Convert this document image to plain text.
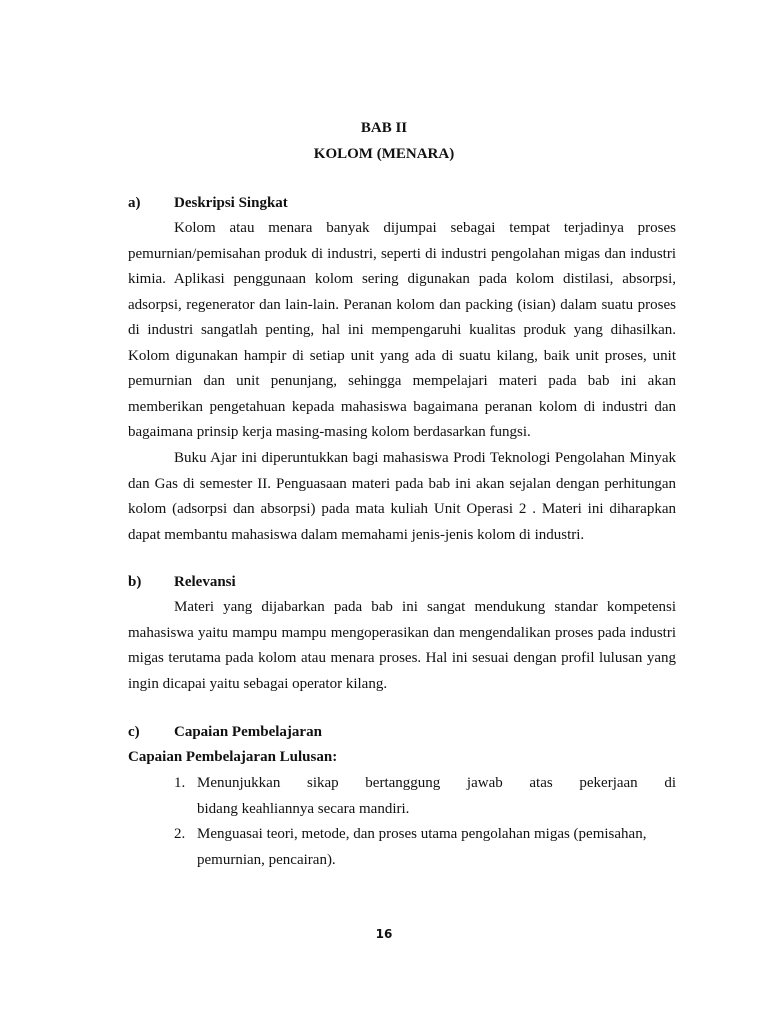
BAB II
KOLOM (MENARA)
a) Deskripsi Singkat

Kolom atau menara banyak dijumpai sebagai tempat terjadinya proses pemurnian/pemisahan produk di industri, seperti di industri pengolahan migas dan industri kimia. Aplikasi penggunaan kolom sering digunakan pada kolom distilasi, absorpsi, adsorpsi, regenerator dan lain-lain. Peranan kolom dan packing (isian) dalam suatu proses di industri sangatlah penting, hal ini mempengaruhi kualitas produk yang dihasilkan. Kolom digunakan hampir di setiap unit yang ada di suatu kilang, baik unit proses, unit pemurnian dan unit penunjang, sehingga mempelajari materi pada bab ini akan memberikan pengetahuan kepada mahasiswa bagaimana peranan kolom di industri dan bagaimana prinsip kerja masing-masing kolom berdasarkan fungsi.

Buku Ajar ini diperuntukkan bagi mahasiswa Prodi Teknologi Pengolahan Minyak dan Gas di semester II. Penguasaan materi pada bab ini akan sejalan dengan perhitungan kolom (adsorpsi dan absorpsi) pada mata kuliah Unit Operasi 2 . Materi ini diharapkan dapat membantu mahasiswa dalam memahami jenis-jenis kolom di industri.

b) Relevansi

Materi yang dijabarkan pada bab ini sangat mendukung standar kompetensi mahasiswa yaitu mampu mampu mengoperasikan dan mengendalikan proses pada industri migas terutama pada kolom atau menara proses. Hal ini sesuai dengan profil lulusan yang ingin dicapai yaitu sebagai operator kilang.

c) Capaian Pembelajaran
Capaian Pembelajaran Lulusan:
1. Menunjukkan sikap bertanggung jawab atas pekerjaan di
bidang keahliannya secara mandiri.
2. Menguasai teori, metode, dan proses utama pengolahan migas (pemisahan, pemurnian, pencairan).
16
